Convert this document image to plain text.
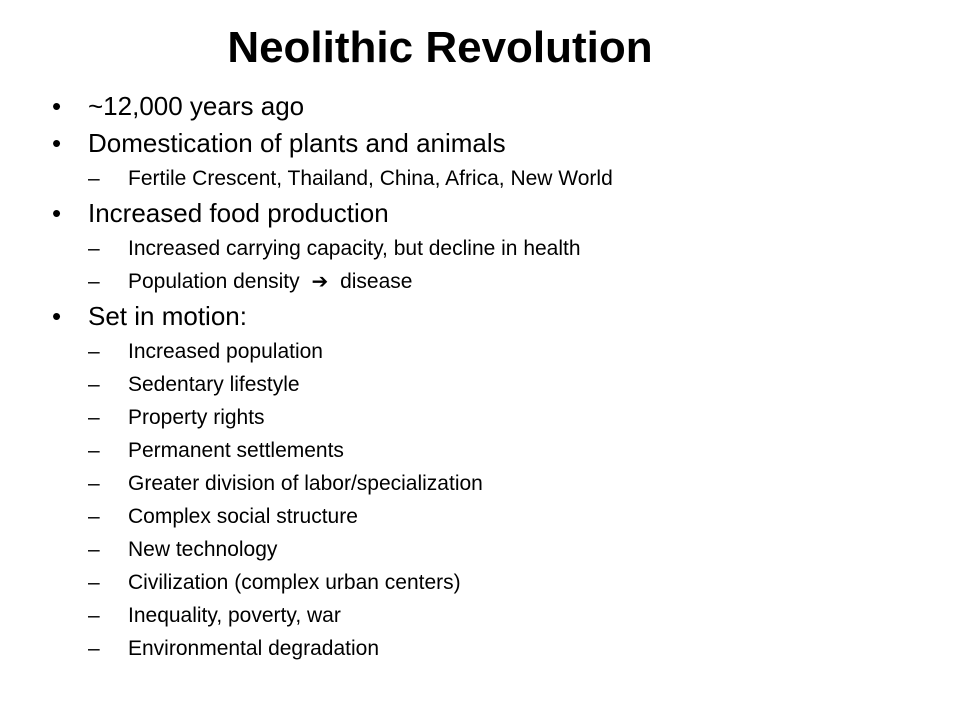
Neolithic Revolution
• ~12,000 years ago
• Domestication of plants and animals
– Fertile Crescent, Thailand, China, Africa, New World
• Increased food production
– Increased carrying capacity, but decline in health
– Population density ➔ disease
• Set in motion:
– Increased population
– Sedentary lifestyle
– Property rights
– Permanent settlements
– Greater division of labor/specialization
– Complex social structure
– New technology
– Civilization (complex urban centers)
– Inequality, poverty, war
– Environmental degradation
